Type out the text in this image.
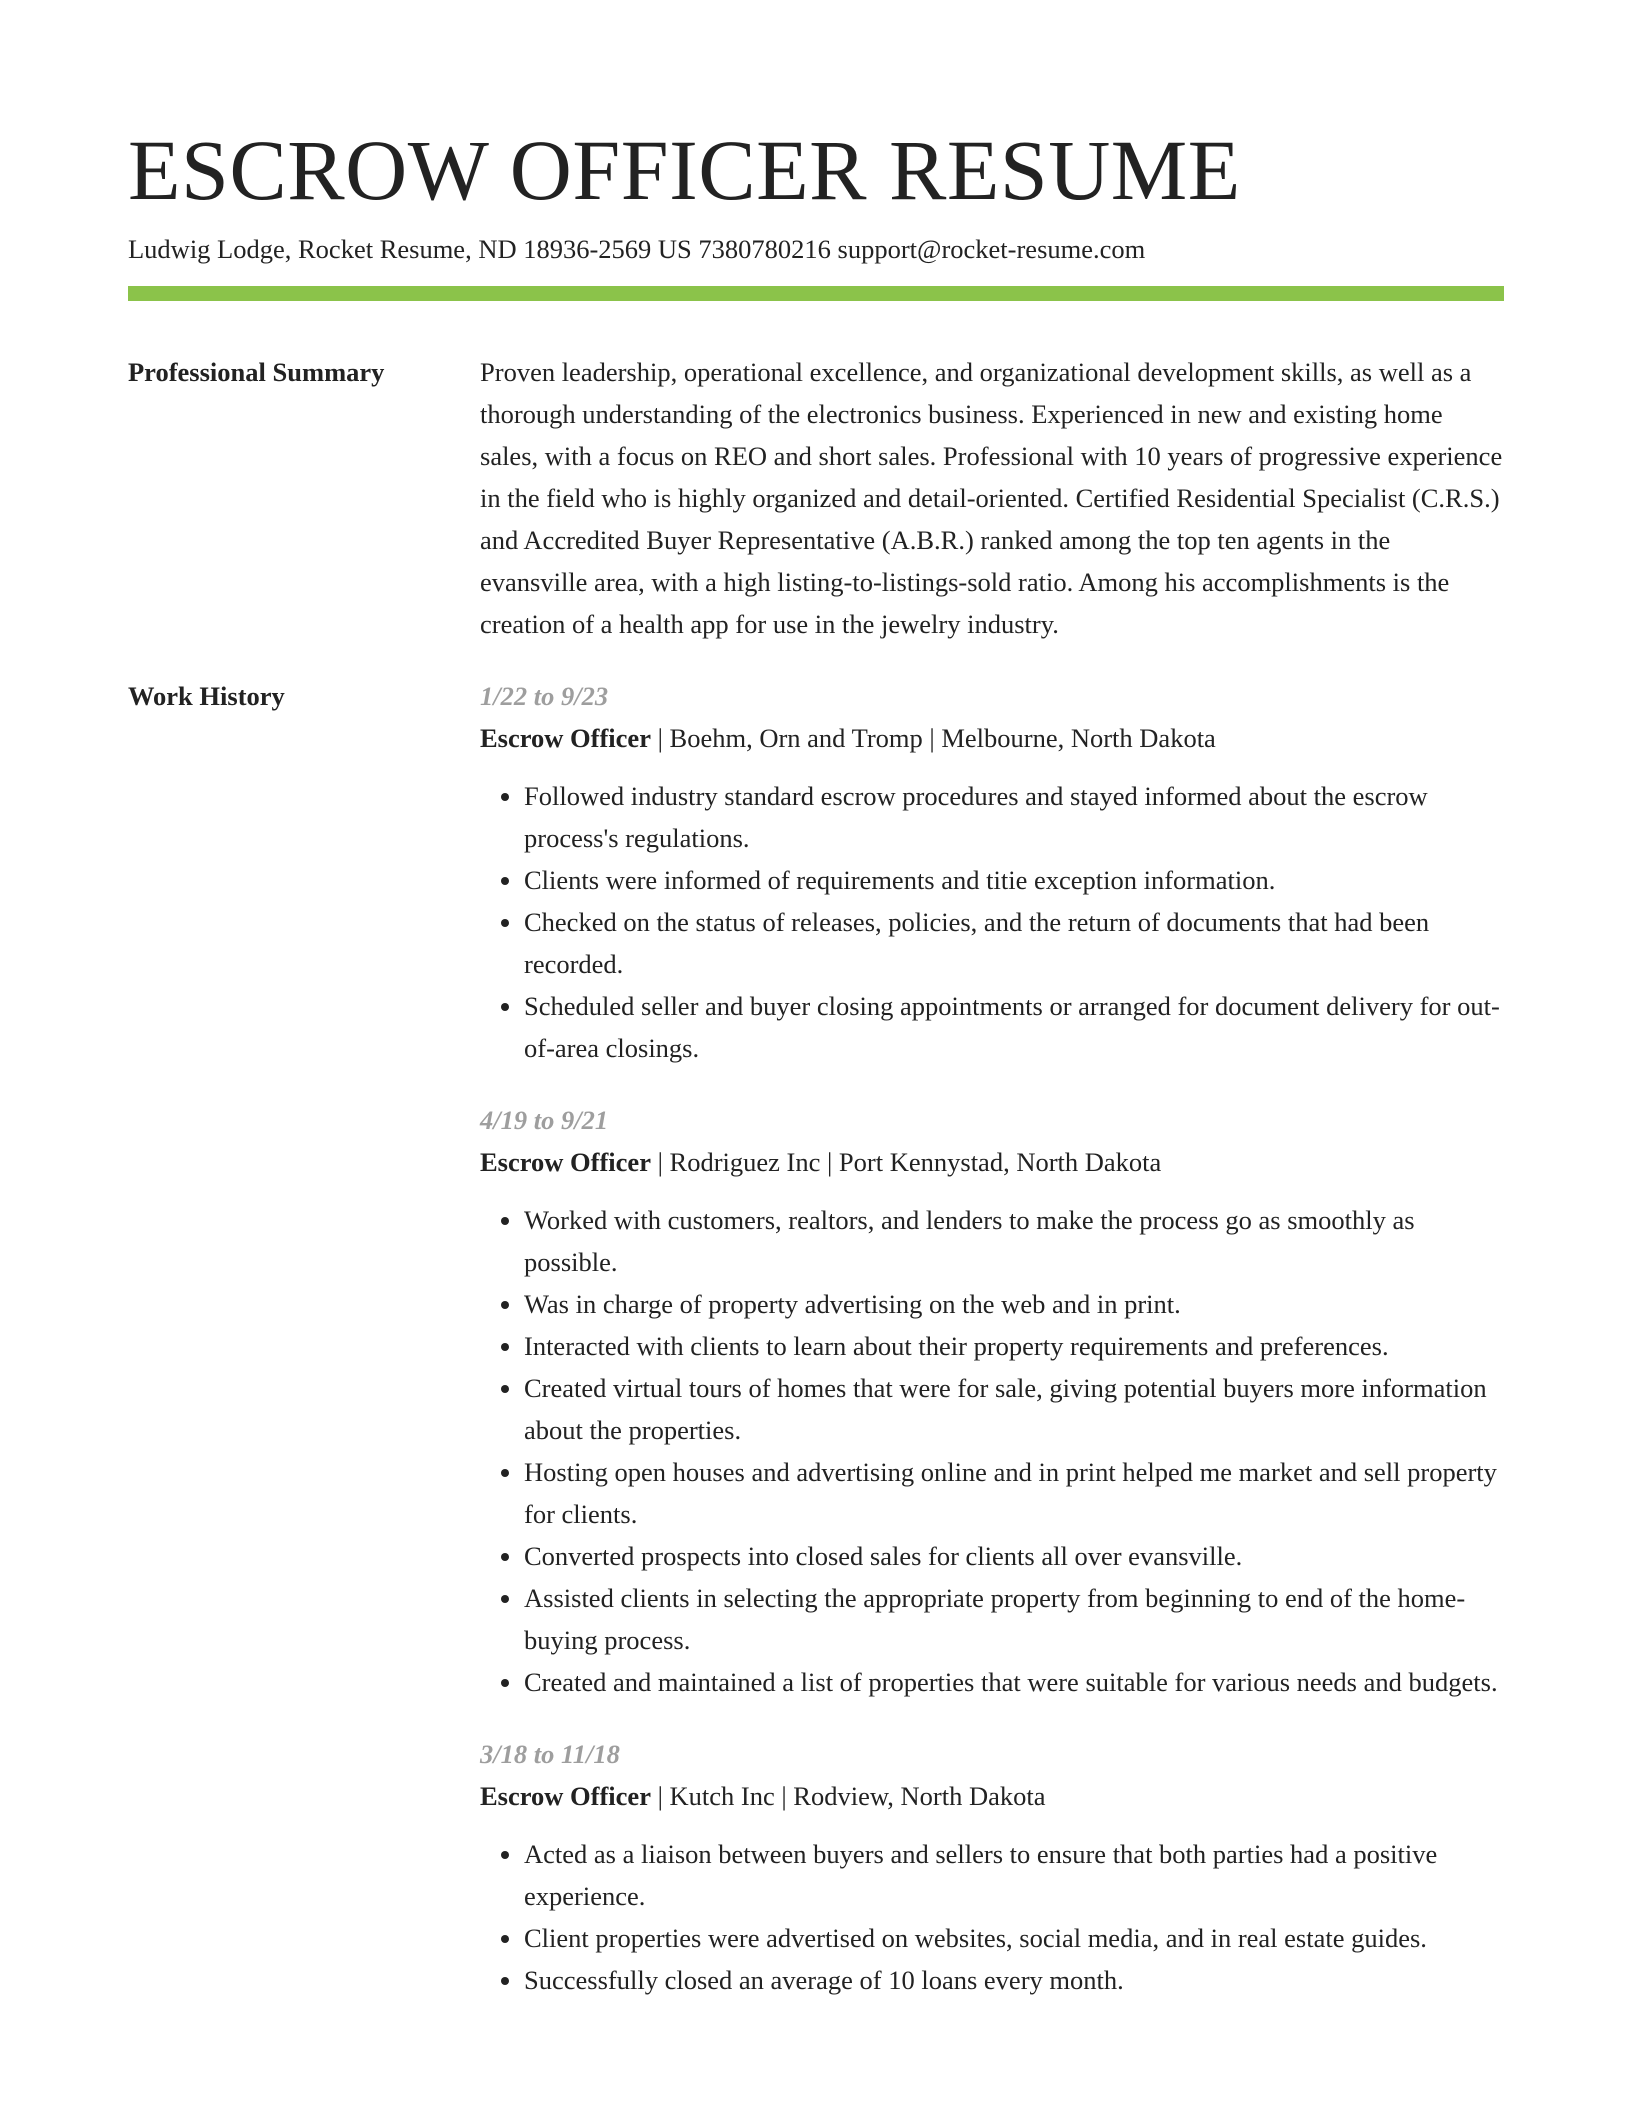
ESCROW OFFICER RESUME
Ludwig Lodge, Rocket Resume, ND 18936-2569 US 7380780216 support@rocket-resume.com
Professional Summary	Proven leadership, operational excellence, and organizational development skills, as well as a thorough understanding of the electronics business. Experienced in new and existing home sales, with a focus on REO and short sales. Professional with 10 years of progressive experience in the field who is highly organized and detail-oriented. Certified Residential Specialist (C.R.S.) and Accredited Buyer Representative (A.B.R.) ranked among the top ten agents in the evansville area, with a high listing-to-listings-sold ratio. Among his accomplishments is the creation of a health app for use in the jewelry industry.

Work History	1/22 to 9/23
Escrow Officer | Boehm, Orn and Tromp | Melbourne, North Dakota
• Followed industry standard escrow procedures and stayed informed about the escrow process's regulations.
• Clients were informed of requirements and titie exception information.
• Checked on the status of releases, policies, and the return of documents that had been recorded.
• Scheduled seller and buyer closing appointments or arranged for document delivery for out-of-area closings.
4/19 to 9/21
Escrow Officer | Rodriguez Inc | Port Kennystad, North Dakota
• Worked with customers, realtors, and lenders to make the process go as smoothly as possible.
• Was in charge of property advertising on the web and in print.
• Interacted with clients to learn about their property requirements and preferences.
• Created virtual tours of homes that were for sale, giving potential buyers more information about the properties.
• Hosting open houses and advertising online and in print helped me market and sell property for clients.
• Converted prospects into closed sales for clients all over evansville.
• Assisted clients in selecting the appropriate property from beginning to end of the home-buying process.
• Created and maintained a list of properties that were suitable for various needs and budgets.
3/18 to 11/18
Escrow Officer | Kutch Inc | Rodview, North Dakota
• Acted as a liaison between buyers and sellers to ensure that both parties had a positive experience.
• Client properties were advertised on websites, social media, and in real estate guides.
• Successfully closed an average of 10 loans every month.
